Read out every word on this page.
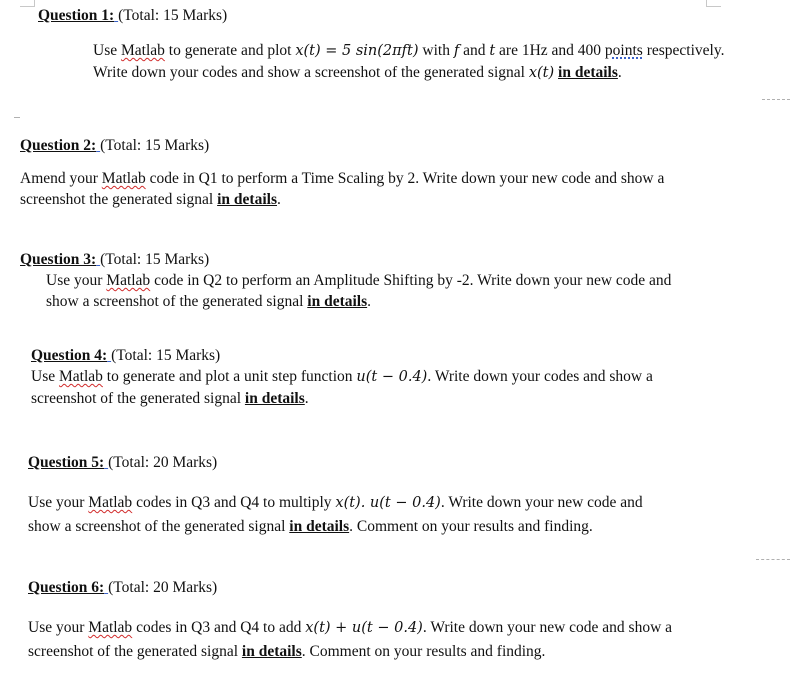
Question 1: (Total: 15 Marks)
Use Matlab to generate and plot x(t) = 5 sin(2πft) with f and t are 1Hz and 400 points respectively.
Write down your codes and show a screenshot of the generated signal x(t) in details.
Question 2: (Total: 15 Marks)
Amend your Matlab code in Q1 to perform a Time Scaling by 2. Write down your new code and show a
screenshot the generated signal in details.
Question 3: (Total: 15 Marks)
Use your Matlab code in Q2 to perform an Amplitude Shifting by -2. Write down your new code and
show a screenshot of the generated signal in details.
Question 4: (Total: 15 Marks)
Use Matlab to generate and plot a unit step function u(t − 0.4). Write down your codes and show a
screenshot of the generated signal in details.
Question 5: (Total: 20 Marks)
Use your Matlab codes in Q3 and Q4 to multiply x(t). u(t − 0.4). Write down your new code and
show a screenshot of the generated signal in details. Comment on your results and finding.
Question 6: (Total: 20 Marks)
Use your Matlab codes in Q3 and Q4 to add x(t) + u(t − 0.4). Write down your new code and show a
screenshot of the generated signal in details. Comment on your results and finding.
